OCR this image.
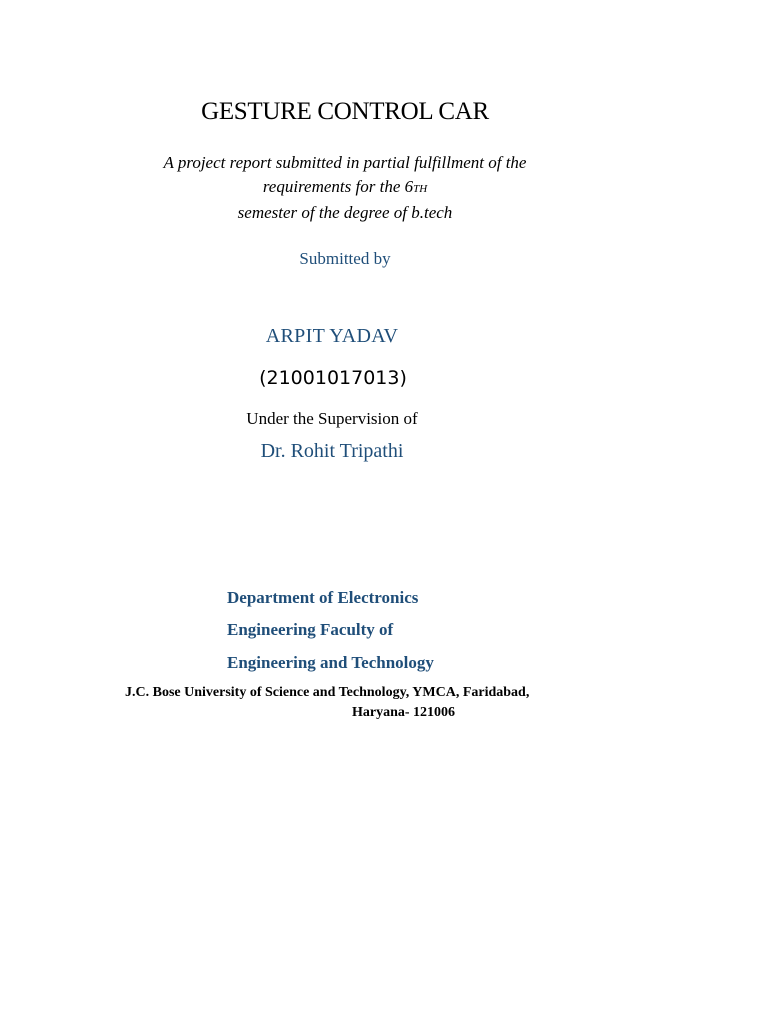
GESTURE CONTROL CAR
A project report submitted in partial fulfillment of the
requirements for the 6TH
semester of the degree of b.tech
Submitted by
ARPIT YADAV
(21001017013)
Under the Supervision of
Dr. Rohit Tripathi
Department of Electronics
Engineering Faculty of
Engineering and Technology
J.C. Bose University of Science and Technology, YMCA, Faridabad,
Haryana- 121006
